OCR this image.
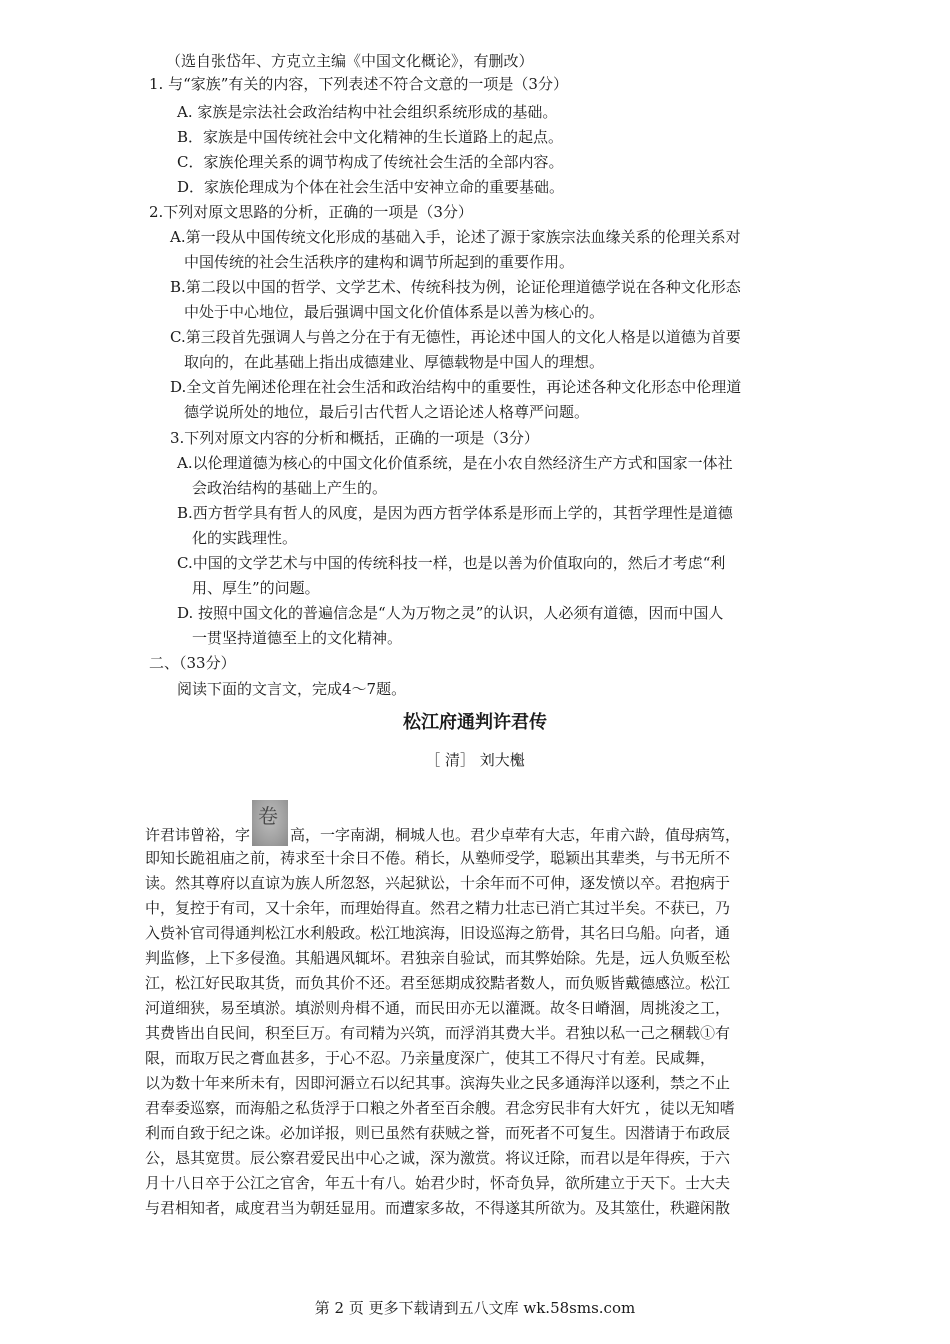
（选自张岱年、方克立主编《中国文化概论》，有删改）
1. 与“家族”有关的内容，下列表述不符合文意的一项是（3分）
A. 家族是宗法社会政治结构中社会组织系统形成的基础。
B．家族是中国传统社会中文化精神的生长道路上的起点。
C．家族伦理关系的调节构成了传统社会生活的全部内容。
D．家族伦理成为个体在社会生活中安神立命的重要基础。
2.下列对原文思路的分析，正确的一项是（3分）
A.第一段从中国传统文化形成的基础入手，论述了源于家族宗法血缘关系的伦理关系对
中国传统的社会生活秩序的建构和调节所起到的重要作用。
B.第二段以中国的哲学、文学艺术、传统科技为例，论证伦理道德学说在各种文化形态
中处于中心地位，最后强调中国文化价值体系是以善为核心的。
C.第三段首先强调人与兽之分在于有无德性，再论述中国人的文化人格是以道德为首要
取向的，在此基础上指出成德建业、厚德载物是中国人的理想。
D.全文首先阐述伦理在社会生活和政治结构中的重要性，再论述各种文化形态中伦理道
德学说所处的地位，最后引古代哲人之语论述人格尊严问题。
3.下列对原文内容的分析和概括，正确的一项是（3分）
A.以伦理道德为核心的中国文化价值系统，是在小农自然经济生产方式和国家一体社
会政治结构的基础上产生的。
B.西方哲学具有哲人的风度，是因为西方哲学体系是形而上学的，其哲学理性是道德
化的实践理性。
C.中国的文学艺术与中国的传统科技一样，也是以善为价值取向的，然后才考虑“利
用、厚生”的问题。
D. 按照中国文化的普遍信念是“人为万物之灵”的认识，人必须有道德，因而中国人
一贯坚持道德至上的文化精神。
二、（33分）
阅读下面的文言文，完成4～7题。
松江府通判许君传
［ 清］ 刘大櫆
许君讳曾裕，字
卷
高，一字南湖，桐城人也。君少卓荦有大志，年甫六龄，值母病笃，
即知长跪祖庙之前，祷求至十余日不倦。稍长，从塾师受学，聪颖出其辈类，与书无所不
读。然其尊府以直谅为族人所忽怒，兴起狱讼，十余年而不可伸，逐发愤以卒。君抱病于
中，复控于有司，又十余年，而理始得直。然君之精力壮志已消亡其过半矣。不获已，乃
入赀补官司得通判松江水利般政。松江地滨海，旧设巡海之筋骨，其名曰乌船。向者，通
判监修，上下多侵渔。其船遇风辄坏。君独亲自验试，而其弊始除。先是，远人负贩至松
江，松江好民取其货，而负其价不还。君至惩期成狡黠者数人，而负贩皆戴德感泣。松江
河道细狭，易至填淤。填淤则舟楫不通，而民田亦无以灌溉。故冬日嵴涸，周挑浚之工，
其费皆出自民间，积至巨万。有司精为兴筑，而浮消其费大半。君独以私一己之稛载①有
限，而取万民之膏血甚多，于心不忍。乃亲量度深广，使其工不得尺寸有差。民咸舞，
以为数十年来所未有，因即河滣立石以纪其事。滨海失业之民多通海洋以逐利，禁之不止
君奉委巡察，而海船之私货浮于口粮之外者至百余艘。君念穷民非有大奸宄 ，徒以无知嗜
利而自致于纪之诛。必加详报，则已虽然有获贼之誉，而死者不可复生。因潜请于布政辰
公，恳其宽贯。辰公察君爱民出中心之诚，深为激赏。将议迁除，而君以是年得疾，于六
月十八日卒于公江之官舍，年五十有八。始君少时，怀奇负异，欲所建立于天下。士大夫
与君相知者，咸度君当为朝廷显用。而遭家多故，不得遂其所欲为。及其筮仕，秩避闲散
第 2 页 更多下载请到五八文库 wk.58sms.com
